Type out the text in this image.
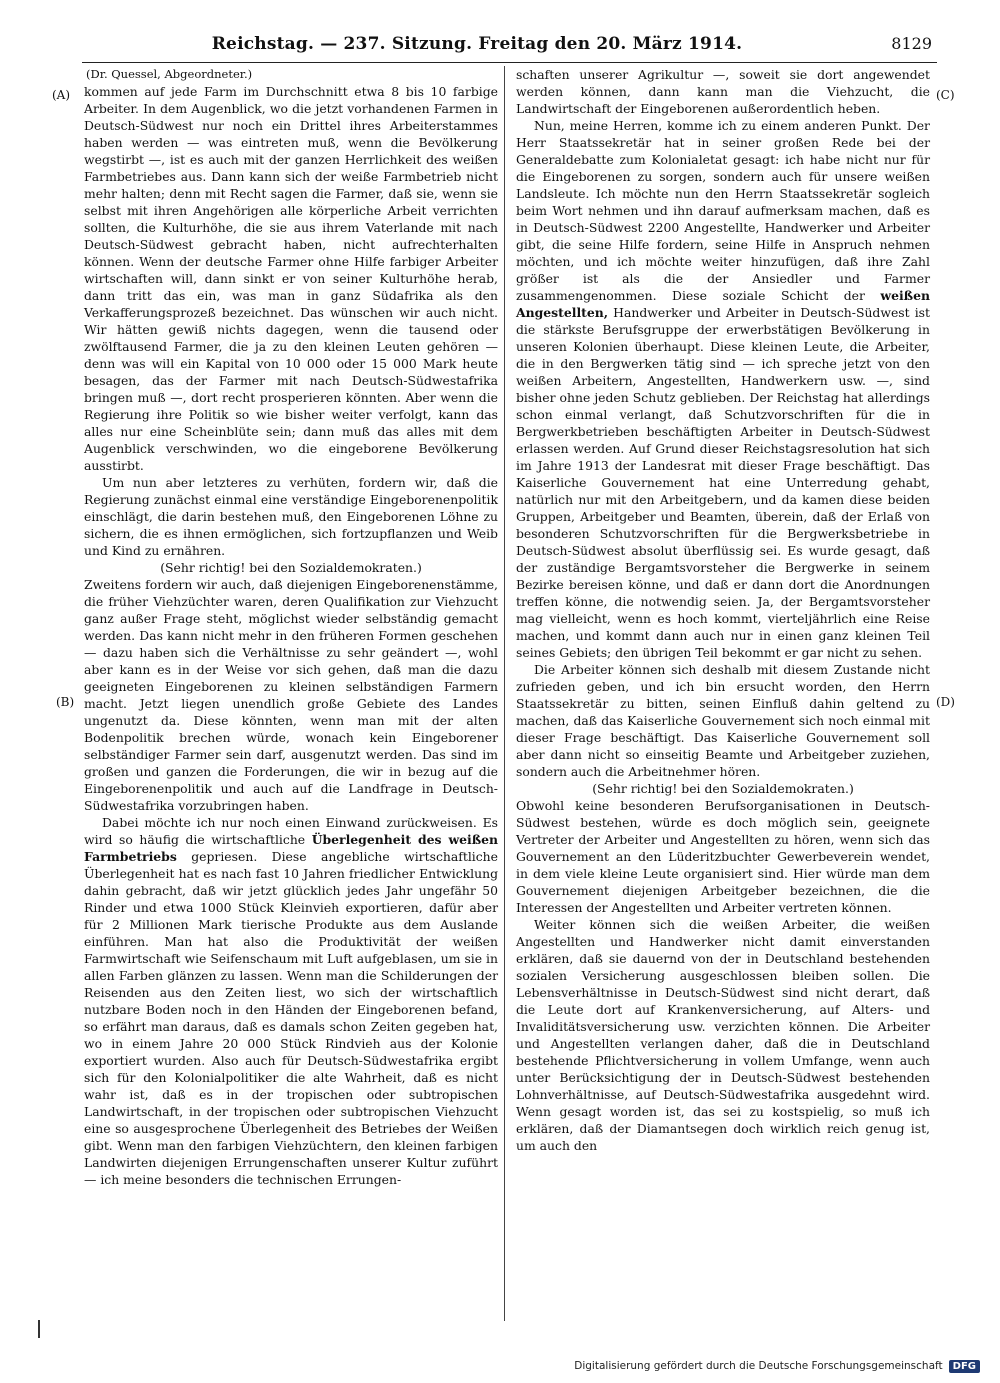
Reichstag. — 237. Sitzung. Freitag den 20. März 1914.	8129
(A)
(B)
(C)
(D)

(Dr. Quessel, Abgeordneter.)

kommen auf jede Farm im Durchschnitt etwa 8 bis 10 farbige Arbeiter. In dem Augenblick, wo die jetzt vorhandenen Farmen in Deutsch-Südwest nur noch ein Drittel ihres Arbeiterstammes haben werden — was eintreten muß, wenn die Bevölkerung wegstirbt —, ist es auch mit der ganzen Herrlichkeit des weißen Farmbetriebes aus. Dann kann sich der weiße Farmbetrieb nicht mehr halten; denn mit Recht sagen die Farmer, daß sie, wenn sie selbst mit ihren Angehörigen alle körperliche Arbeit verrichten sollten, die Kulturhöhe, die sie aus ihrem Vaterlande mit nach Deutsch-Südwest gebracht haben, nicht aufrechterhalten können. Wenn der deutsche Farmer ohne Hilfe farbiger Arbeiter wirtschaften will, dann sinkt er von seiner Kulturhöhe herab, dann tritt das ein, was man in ganz Südafrika als den Verkafferungsprozeß bezeichnet. Das wünschen wir auch nicht. Wir hätten gewiß nichts dagegen, wenn die tausend oder zwölftausend Farmer, die ja zu den kleinen Leuten gehören — denn was will ein Kapital von 10 000 oder 15 000 Mark heute besagen, das der Farmer mit nach Deutsch-Südwestafrika bringen muß —, dort recht prosperieren könnten. Aber wenn die Regierung ihre Politik so wie bisher weiter verfolgt, kann das alles nur eine Scheinblüte sein; dann muß das alles mit dem Augenblick verschwinden, wo die eingeborene Bevölkerung ausstirbt.

Um nun aber letzteres zu verhüten, fordern wir, daß die Regierung zunächst einmal eine verständige Eingeborenenpolitik einschlägt, die darin bestehen muß, den Eingeborenen Löhne zu sichern, die es ihnen ermöglichen, sich fortzupflanzen und Weib und Kind zu ernähren.

(Sehr richtig! bei den Sozialdemokraten.)

Zweitens fordern wir auch, daß diejenigen Eingeborenenstämme, die früher Viehzüchter waren, deren Qualifikation zur Viehzucht ganz außer Frage steht, möglichst wieder selbständig gemacht werden. Das kann nicht mehr in den früheren Formen geschehen — dazu haben sich die Verhältnisse zu sehr geändert —, wohl aber kann es in der Weise vor sich gehen, daß man die dazu geeigneten Eingeborenen zu kleinen selbständigen Farmern macht. Jetzt liegen unendlich große Gebiete des Landes ungenutzt da. Diese könnten, wenn man mit der alten Bodenpolitik brechen würde, wonach kein Eingeborener selbständiger Farmer sein darf, ausgenutzt werden. Das sind im großen und ganzen die Forderungen, die wir in bezug auf die Eingeborenenpolitik und auch auf die Landfrage in Deutsch-Südwestafrika vorzubringen haben.

Dabei möchte ich nur noch einen Einwand zurückweisen. Es wird so häufig die wirtschaftliche Überlegenheit des weißen Farmbetriebs gepriesen. Diese angebliche wirtschaftliche Überlegenheit hat es nach fast 10 Jahren friedlicher Entwicklung dahin gebracht, daß wir jetzt glücklich jedes Jahr ungefähr 50 Rinder und etwa 1000 Stück Kleinvieh exportieren, dafür aber für 2 Millionen Mark tierische Produkte aus dem Auslande einführen. Man hat also die Produktivität der weißen Farmwirtschaft wie Seifenschaum mit Luft aufgeblasen, um sie in allen Farben glänzen zu lassen. Wenn man die Schilderungen der Reisenden aus den Zeiten liest, wo sich der wirtschaftlich nutzbare Boden noch in den Händen der Eingeborenen befand, so erfährt man daraus, daß es damals schon Zeiten gegeben hat, wo in einem Jahre 20 000 Stück Rindvieh aus der Kolonie exportiert wurden. Also auch für Deutsch-Südwestafrika ergibt sich für den Kolonialpolitiker die alte Wahrheit, daß es nicht wahr ist, daß es in der tropischen oder subtropischen Landwirtschaft, in der tropischen oder subtropischen Viehzucht eine so ausgesprochene Überlegenheit des Betriebes der Weißen gibt. Wenn man den farbigen Viehzüchtern, den kleinen farbigen Landwirten diejenigen Errungenschaften unserer Kultur zuführt — ich meine besonders die technischen Errungen-

schaften unserer Agrikultur —, soweit sie dort angewendet werden können, dann kann man die Viehzucht, die Landwirtschaft der Eingeborenen außerordentlich heben.

Nun, meine Herren, komme ich zu einem anderen Punkt. Der Herr Staatssekretär hat in seiner großen Rede bei der Generaldebatte zum Kolonialetat gesagt: ich habe nicht nur für die Eingeborenen zu sorgen, sondern auch für unsere weißen Landsleute. Ich möchte nun den Herrn Staatssekretär sogleich beim Wort nehmen und ihn darauf aufmerksam machen, daß es in Deutsch-Südwest 2200 Angestellte, Handwerker und Arbeiter gibt, die seine Hilfe fordern, seine Hilfe in Anspruch nehmen möchten, und ich möchte weiter hinzufügen, daß ihre Zahl größer ist als die der Ansiedler und Farmer zusammengenommen. Diese soziale Schicht der weißen Angestellten, Handwerker und Arbeiter in Deutsch-Südwest ist die stärkste Berufsgruppe der erwerbstätigen Bevölkerung in unseren Kolonien überhaupt. Diese kleinen Leute, die Arbeiter, die in den Bergwerken tätig sind — ich spreche jetzt von den weißen Arbeitern, Angestellten, Handwerkern usw. —, sind bisher ohne jeden Schutz geblieben. Der Reichstag hat allerdings schon einmal verlangt, daß Schutzvorschriften für die in Bergwerkbetrieben beschäftigten Arbeiter in Deutsch-Südwest erlassen werden. Auf Grund dieser Reichstagsresolution hat sich im Jahre 1913 der Landesrat mit dieser Frage beschäftigt. Das Kaiserliche Gouvernement hat eine Unterredung gehabt, natürlich nur mit den Arbeitgebern, und da kamen diese beiden Gruppen, Arbeitgeber und Beamten, überein, daß der Erlaß von besonderen Schutzvorschriften für die Bergwerksbetriebe in Deutsch-Südwest absolut überflüssig sei. Es wurde gesagt, daß der zuständige Bergamtsvorsteher die Bergwerke in seinem Bezirke bereisen könne, und daß er dann dort die Anordnungen treffen könne, die notwendig seien. Ja, der Bergamtsvorsteher mag vielleicht, wenn es hoch kommt, vierteljährlich eine Reise machen, und kommt dann auch nur in einen ganz kleinen Teil seines Gebiets; den übrigen Teil bekommt er gar nicht zu sehen.

Die Arbeiter können sich deshalb mit diesem Zustande nicht zufrieden geben, und ich bin ersucht worden, den Herrn Staatssekretär zu bitten, seinen Einfluß dahin geltend zu machen, daß das Kaiserliche Gouvernement sich noch einmal mit dieser Frage beschäftigt. Das Kaiserliche Gouvernement soll aber dann nicht so einseitig Beamte und Arbeitgeber zuziehen, sondern auch die Arbeitnehmer hören.

(Sehr richtig! bei den Sozialdemokraten.)

Obwohl keine besonderen Berufsorganisationen in Deutsch-Südwest bestehen, würde es doch möglich sein, geeignete Vertreter der Arbeiter und Angestellten zu hören, wenn sich das Gouvernement an den Lüderitzbuchter Gewerbeverein wendet, in dem viele kleine Leute organisiert sind. Hier würde man dem Gouvernement diejenigen Arbeitgeber bezeichnen, die die Interessen der Angestellten und Arbeiter vertreten können.

Weiter können sich die weißen Arbeiter, die weißen Angestellten und Handwerker nicht damit einverstanden erklären, daß sie dauernd von der in Deutschland bestehenden sozialen Versicherung ausgeschlossen bleiben sollen. Die Lebensverhältnisse in Deutsch-Südwest sind nicht derart, daß die Leute dort auf Krankenversicherung, auf Alters- und Invaliditätsversicherung usw. verzichten können. Die Arbeiter und Angestellten verlangen daher, daß die in Deutschland bestehende Pflichtversicherung in vollem Umfange, wenn auch unter Berücksichtigung der in Deutsch-Südwest bestehenden Lohnverhältnisse, auf Deutsch-Südwestafrika ausgedehnt wird. Wenn gesagt worden ist, das sei zu kostspielig, so muß ich erklären, daß der Diamantsegen doch wirklich reich genug ist, um auch den

Digitalisierung gefördert durch die Deutsche Forschungsgemeinschaft	DFG
